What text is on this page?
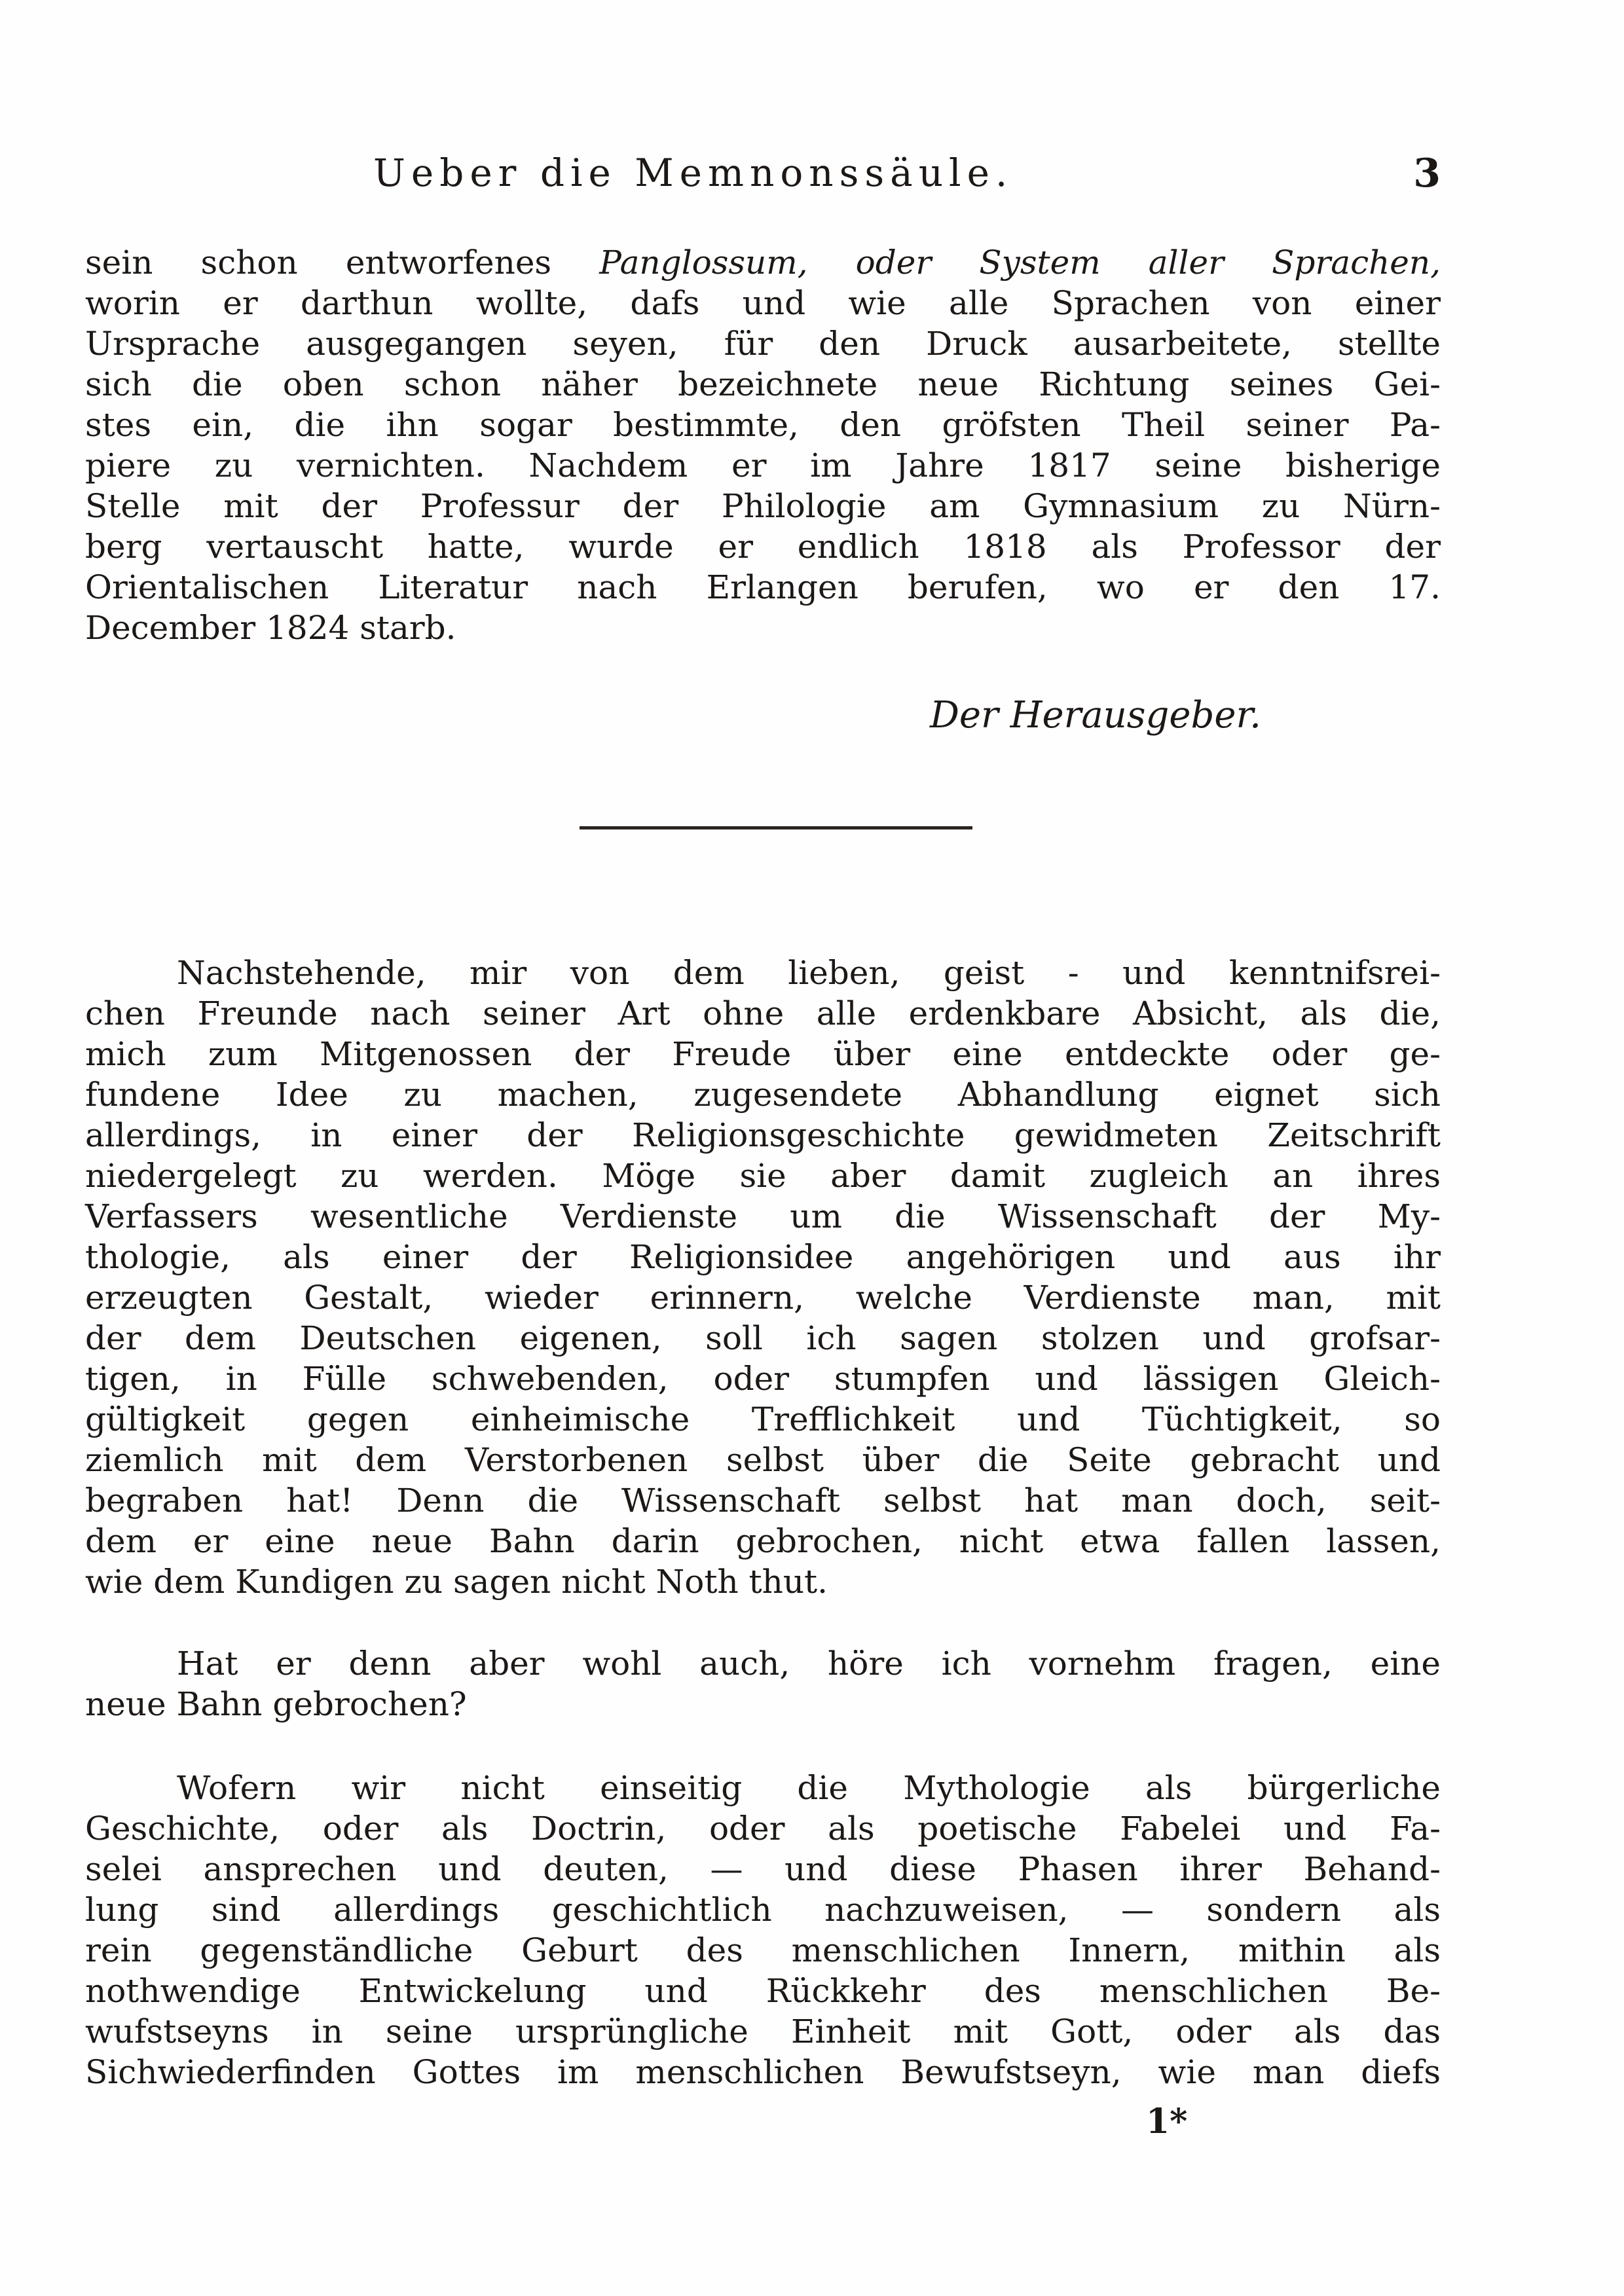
Ueber die Memnonssäule.	3
sein schon entworfenes Panglossum, oder System aller Sprachen,
worin er darthun wollte, dafs und wie alle Sprachen von einer
Ursprache ausgegangen seyen, für den Druck ausarbeitete, stellte
sich die oben schon näher bezeichnete neue Richtung seines Gei-
stes ein, die ihn sogar bestimmte, den gröfsten Theil seiner Pa-
piere zu vernichten. Nachdem er im Jahre 1817 seine bisherige
Stelle mit der Professur der Philologie am Gymnasium zu Nürn-
berg vertauscht hatte, wurde er endlich 1818 als Professor der
Orientalischen Literatur nach Erlangen berufen, wo er den 17.
December 1824 starb.
Der Herausgeber.
Nachstehende, mir von dem lieben, geist - und kenntnifsrei-
chen Freunde nach seiner Art ohne alle erdenkbare Absicht, als die,
mich zum Mitgenossen der Freude über eine entdeckte oder ge-
fundene Idee zu machen, zugesendete Abhandlung eignet sich
allerdings, in einer der Religionsgeschichte gewidmeten Zeitschrift
niedergelegt zu werden. Möge sie aber damit zugleich an ihres
Verfassers wesentliche Verdienste um die Wissenschaft der My-
thologie, als einer der Religionsidee angehörigen und aus ihr
erzeugten Gestalt, wieder erinnern, welche Verdienste man, mit
der dem Deutschen eigenen, soll ich sagen stolzen und grofsar-
tigen, in Fülle schwebenden, oder stumpfen und lässigen Gleich-
gültigkeit gegen einheimische Trefflichkeit und Tüchtigkeit, so
ziemlich mit dem Verstorbenen selbst über die Seite gebracht und
begraben hat! Denn die Wissenschaft selbst hat man doch, seit-
dem er eine neue Bahn darin gebrochen, nicht etwa fallen lassen,
wie dem Kundigen zu sagen nicht Noth thut.
Hat er denn aber wohl auch, höre ich vornehm fragen, eine
neue Bahn gebrochen?
Wofern wir nicht einseitig die Mythologie als bürgerliche
Geschichte, oder als Doctrin, oder als poetische Fabelei und Fa-
selei ansprechen und deuten, — und diese Phasen ihrer Behand-
lung sind allerdings geschichtlich nachzuweisen, — sondern als
rein gegenständliche Geburt des menschlichen Innern, mithin als
nothwendige Entwickelung und Rückkehr des menschlichen Be-
wufstseyns in seine ursprüngliche Einheit mit Gott, oder als das
Sichwiederfinden Gottes im menschlichen Bewufstseyn, wie man diefs
1*
